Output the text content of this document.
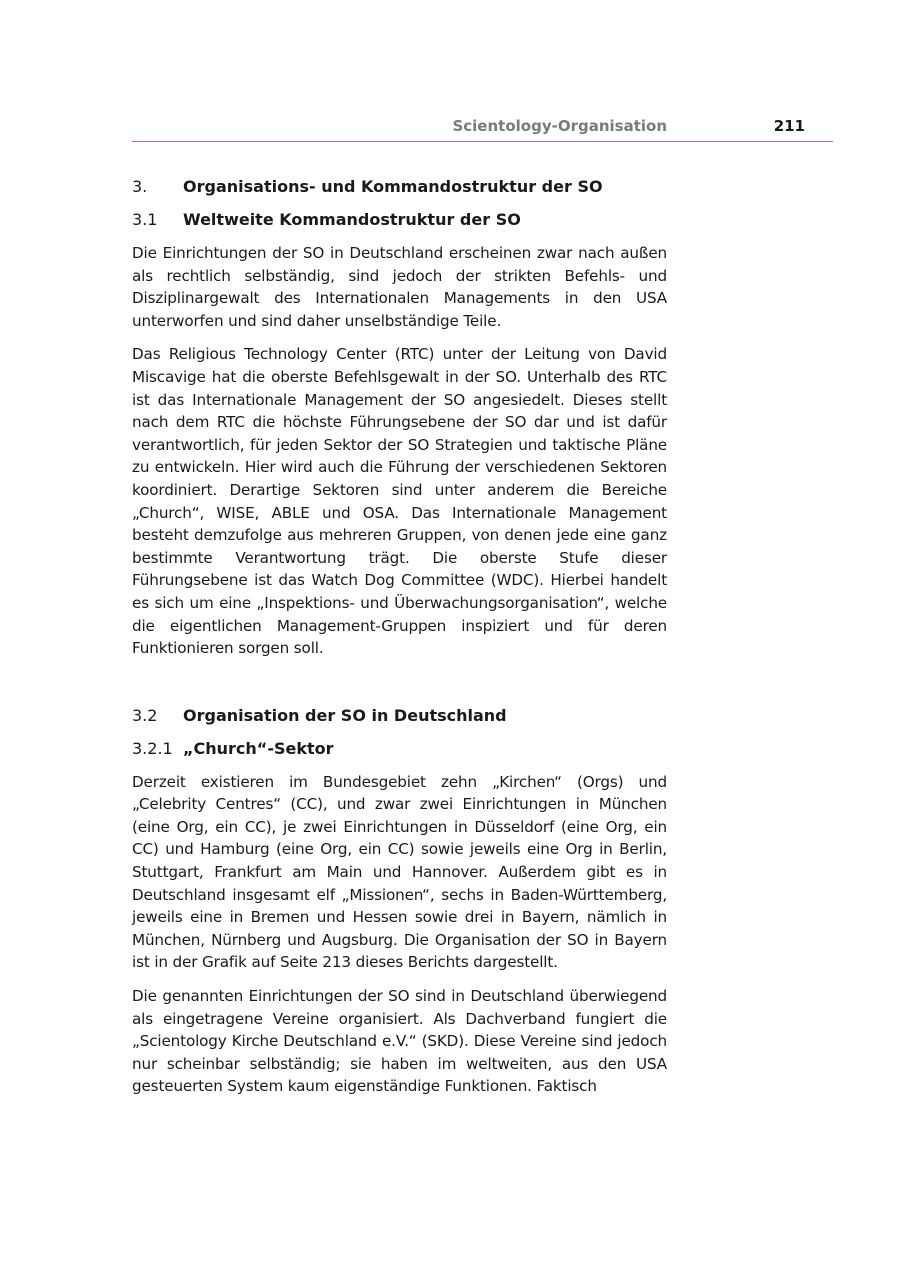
Scientology-Organisation	211
3. Organisations- und Kommandostruktur der SO
3.1 Weltweite Kommandostruktur der SO

Die Einrichtungen der SO in Deutschland erscheinen zwar nach außen als rechtlich selbständig, sind jedoch der strikten Befehls- und Disziplinargewalt des Internationalen Managements in den USA unterworfen und sind daher unselbständige Teile.

Das Religious Technology Center (RTC) unter der Leitung von David Miscavige hat die oberste Befehlsgewalt in der SO. Unterhalb des RTC ist das Internationale Management der SO angesiedelt. Dieses stellt nach dem RTC die höchste Führungsebene der SO dar und ist dafür verantwortlich, für jeden Sektor der SO Strategien und taktische Pläne zu entwickeln. Hier wird auch die Führung der verschiedenen Sektoren koordiniert. Derartige Sektoren sind unter anderem die Bereiche „Church“, WISE, ABLE und OSA. Das Internationale Management besteht demzufolge aus mehreren Gruppen, von denen jede eine ganz bestimmte Verantwortung trägt. Die oberste Stufe dieser Führungsebene ist das Watch Dog Committee (WDC). Hierbei handelt es sich um eine „Inspektions- und Überwachungsorganisation“, welche die eigentlichen Management-Gruppen inspiziert und für deren Funktionieren sorgen soll.

3.2 Organisation der SO in Deutschland
3.2.1 „Church“-Sektor

Derzeit existieren im Bundesgebiet zehn „Kirchen“ (Orgs) und „Celebrity Centres“ (CC), und zwar zwei Einrichtungen in München (eine Org, ein CC), je zwei Einrichtungen in Düsseldorf (eine Org, ein CC) und Hamburg (eine Org, ein CC) sowie jeweils eine Org in Berlin, Stuttgart, Frankfurt am Main und Hannover. Außerdem gibt es in Deutschland insgesamt elf „Missionen“, sechs in Baden-Württemberg, jeweils eine in Bremen und Hessen sowie drei in Bayern, nämlich in München, Nürnberg und Augsburg. Die Organisation der SO in Bayern ist in der Grafik auf Seite 213 dieses Berichts dargestellt.

Die genannten Einrichtungen der SO sind in Deutschland überwiegend als eingetragene Vereine organisiert. Als Dachverband fungiert die „Scientology Kirche Deutschland e.V.“ (SKD). Diese Vereine sind jedoch nur scheinbar selbständig; sie haben im weltweiten, aus den USA gesteuerten System kaum eigenständige Funktionen. Faktisch
